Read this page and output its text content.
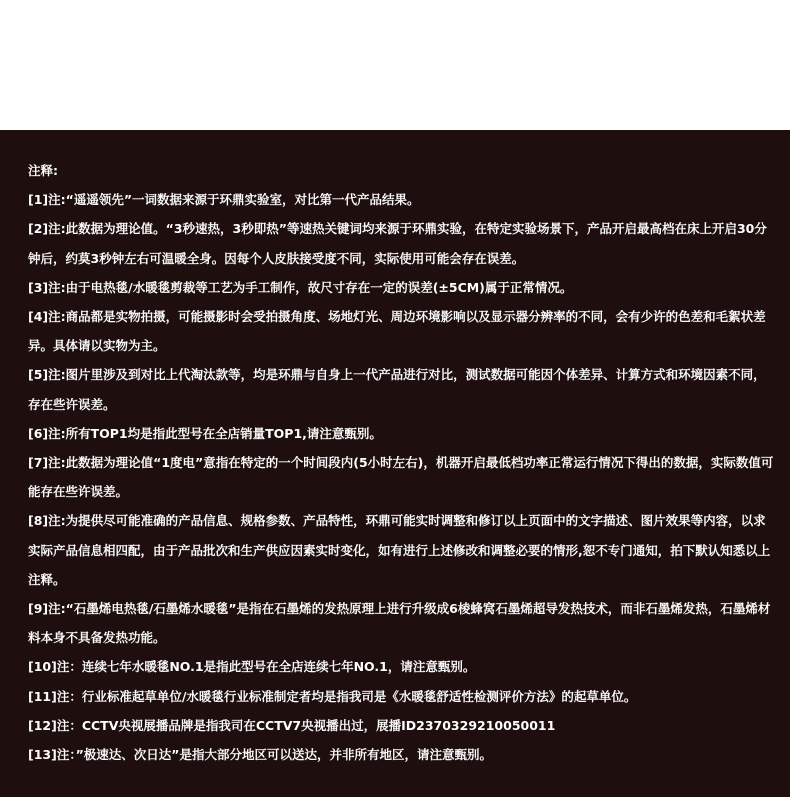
注释:

[1]注:“遥遥领先”一词数据来源于环鼎实验室，对比第一代产品结果。
[2]注:此数据为理论值。“3秒速热，3秒即热”等速热关键词均来源于环鼎实验，在特定实验场景下，产品开启最高档在床上开启30分钟后，约莫3秒钟左右可温暖全身。因每个人皮肤接受度不同，实际使用可能会存在误差。
[3]注:由于电热毯/水暖毯剪裁等工艺为手工制作，故尺寸存在一定的误差(±5CM)属于正常情况。
[4]注:商品都是实物拍摄，可能摄影时会受拍摄角度、场地灯光、周边环境影响以及显示器分辨率的不同，会有少许的色差和毛絮状差异。具体请以实物为主。
[5]注:图片里涉及到对比上代淘汰款等，均是环鼎与自身上一代产品进行对比，测试数据可能因个体差异、计算方式和环境因素不同，存在些许误差。
[6]注:所有TOP1均是指此型号在全店销量TOP1,请注意甄别。
[7]注:此数据为理论值“1度电”意指在特定的一个时间段内(5小时左右)，机器开启最低档功率正常运行情况下得出的数据，实际数值可能存在些许误差。
[8]注:为提供尽可能准确的产品信息、规格参数、产品特性，环鼎可能实时调整和修订以上页面中的文字描述、图片效果等内容，以求实际产品信息相四配，由于产品批次和生产供应因素实时变化，如有进行上述修改和调整必要的情形,恕不专门通知，拍下默认知悉以上注释。
[9]注:“石墨烯电热毯/石墨烯水暖毯”是指在石墨烯的发热原理上进行升级成6棱蜂窝石墨烯超导发热技术，而非石墨烯发热，石墨烯材料本身不具备发热功能。
[10]注：连续七年水暖毯NO.1是指此型号在全店连续七年NO.1，请注意甄别。
[11]注：行业标准起草单位/水暖毯行业标准制定者均是指我司是《水暖毯舒适性检测评价方法》的起草单位。
[12]注：CCTV央视展播品牌是指我司在CCTV7央视播出过，展播ID2370329210050011
[13]注：”极速达、次日达”是指大部分地区可以送达，并非所有地区，请注意甄别。
